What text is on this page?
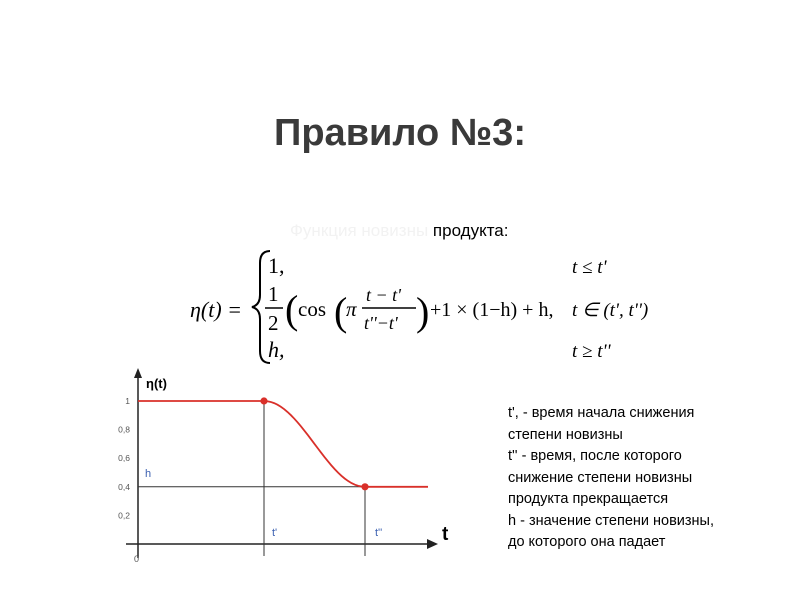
Правило №3:
Функция новизны продукта:
η(t) =
1,	t ≤ t'
1
2 ( cos (
π
t − t'
t''−t' ) +1 × (1−h) + h, t ∈ (t', t'')
h,	t ≥ t''
η(t)
t
1
0,8
0,6
0,4
0,2
0
h
t'	t''
t', - время начала снижения
степени новизны
t'' - время, после которого
снижение степени новизны
продукта прекращается
h - значение степени новизны,
до которого она падает
